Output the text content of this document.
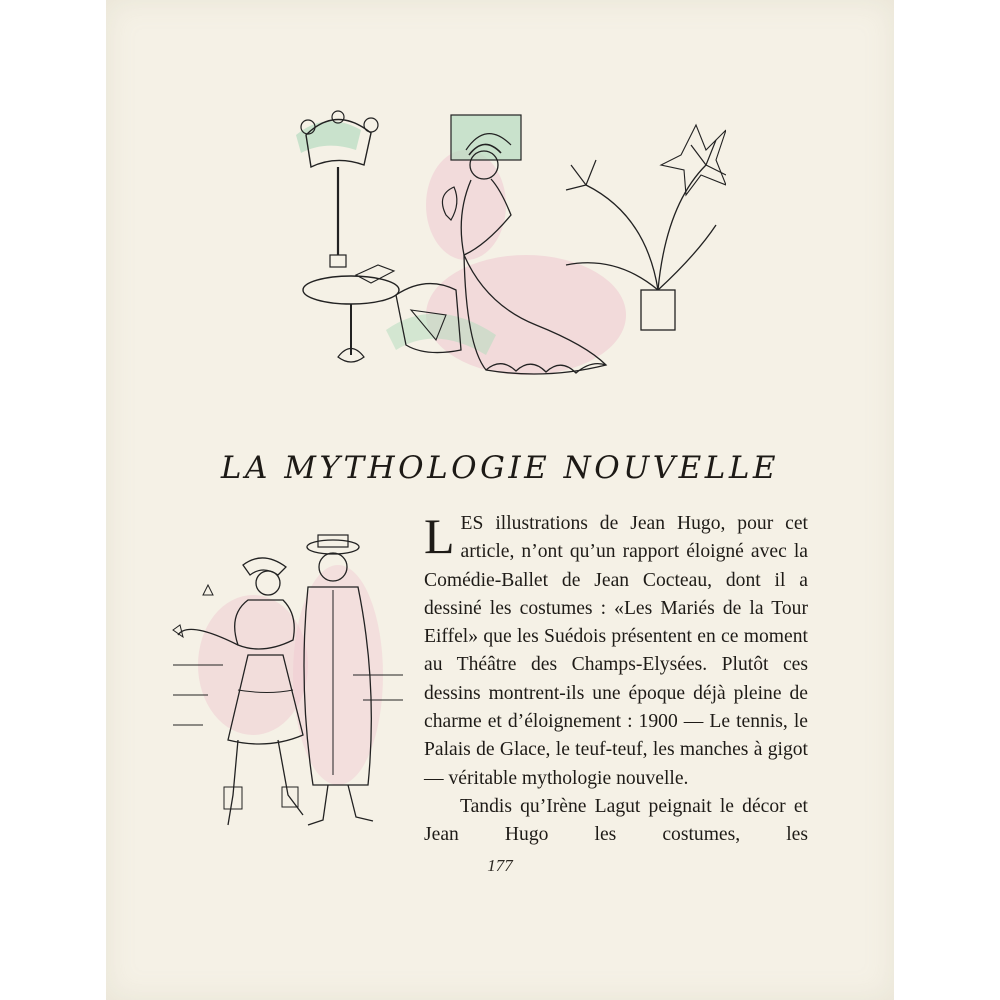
LA MYTHOLOGIE NOUVELLE

LES illustrations de Jean Hugo, pour cet article, n’ont qu’un rapport éloigné avec la Comédie-Ballet de Jean Cocteau, dont il a dessiné les costumes : «Les Mariés de la Tour Eiffel» que les Suédois présentent en ce moment au Théâtre des Champs-Elysées. Plutôt ces dessins montrent-ils une époque déjà pleine de charme et d’éloignement : 1900 — Le tennis, le Palais de Glace, le teuf-teuf, les manches à gigot — véritable mythologie nouvelle.

Tandis qu’Irène Lagut peignait le décor et Jean Hugo les costumes, les

177
